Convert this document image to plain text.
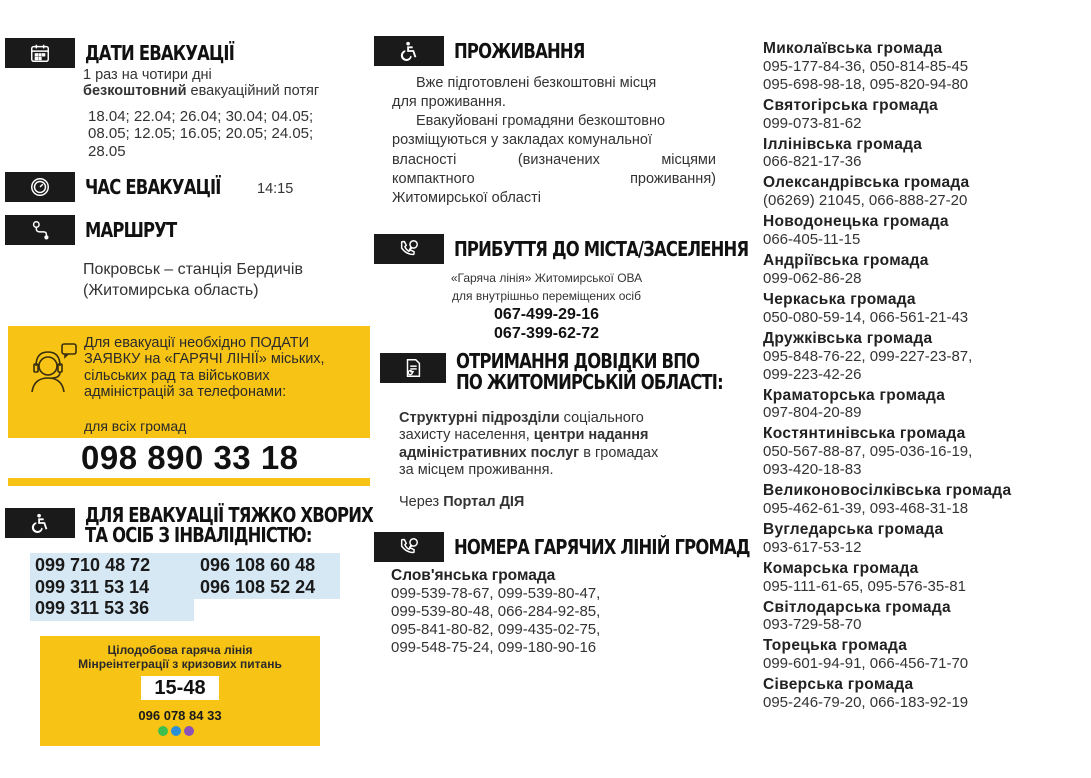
ДАТИ ЕВАКУАЦІЇ
1 раз на чотири дні
безкоштовний евакуаційний потяг
18.04; 22.04; 26.04; 30.04; 04.05;
08.05; 12.05; 16.05; 20.05; 24.05;
28.05
ЧАС ЕВАКУАЦІЇ	14:15
МАРШРУТ
Покровськ – станція Бердичів
(Житомирська область)
Для евакуації необхідно ПОДАТИ
ЗАЯВКУ на «ГАРЯЧІ ЛІНІЇ» міських,
сільських рад та військових
адміністрацій за телефонами:
для всіх громад
098 890 33 18
ДЛЯ ЕВАКУАЦІЇ ТЯЖКО ХВОРИХ
ТА ОСІБ З ІНВАЛІДНІСТЮ:
099 710 48 72
099 311 53 14
099 311 53 36
096 108 60 48
096 108 52 24
Цілодобова гаряча лінія
Мінреінтеграції з кризових питань
15-48
096 078 84 33
ПРОЖИВАННЯ
Вже підготовлені безкоштовні місця
для проживання.
Евакуйовані громадяни безкоштовно
розміщуються у закладах комунальної
власності	(визначених	місцями
компактного	проживання)
Житомирської області
ПРИБУТТЯ ДО МІСТА/ЗАСЕЛЕННЯ
«Гаряча лінія» Житомирської ОВА
для внутрішньо переміщених осіб
067-499-29-16
067-399-62-72
ОТРИМАННЯ ДОВІДКИ ВПО
ПО ЖИТОМИРСЬКІЙ ОБЛАСТІ:
Структурні підрозділи соціального
захисту населення, центри надання
адміністративних послуг в громадах
за місцем проживання.
Через Портал ДІЯ
НОМЕРА ГАРЯЧИХ ЛІНІЙ ГРОМАД
Слов'янська громада
099-539-78-67, 099-539-80-47,
099-539-80-48, 066-284-92-85,
095-841-80-82, 099-435-02-75,
099-548-75-24, 099-180-90-16
Миколаївська громада
095-177-84-36, 050-814-85-45
095-698-98-18, 095-820-94-80
Святогірська громада
099-073-81-62
Іллінівська громада
066-821-17-36
Олександрівська громада
(06269) 21045, 066-888-27-20
Новодонецька громада
066-405-11-15
Андріївська громада
099-062-86-28
Черкаська громада
050-080-59-14, 066-561-21-43
Дружківська громада
095-848-76-22, 099-227-23-87,
099-223-42-26
Краматорська громада
097-804-20-89
Костянтинівська громада
050-567-88-87, 095-036-16-19,
093-420-18-83
Великоновосілківська громада
095-462-61-39, 093-468-31-18
Вугледарська громада
093-617-53-12
Комарська громада
095-111-61-65, 095-576-35-81
Світлодарська громада
093-729-58-70
Торецька громада
099-601-94-91, 066-456-71-70
Сіверська громада
095-246-79-20, 066-183-92-19
